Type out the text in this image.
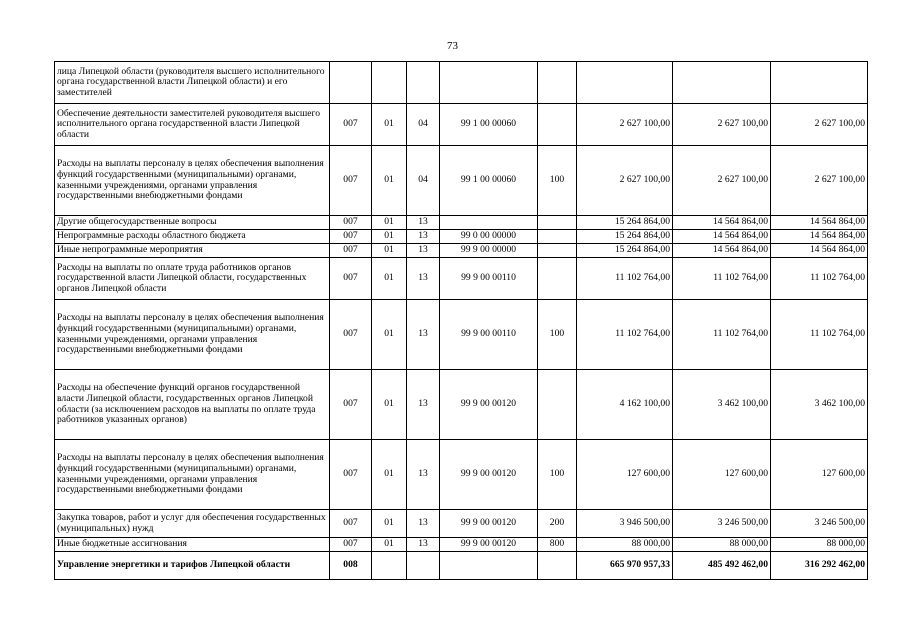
73
лица Липецкой области (руководителя высшего исполнительного органа государственной власти Липецкой области) и его заместителей								
Обеспечение деятельности заместителей руководителя высшего исполнительного органа государственной власти Липецкой области	007	01	04	99 1 00 00060		2 627 100,00	2 627 100,00	2 627 100,00
Расходы на выплаты персоналу в целях обеспечения выполнения функций государственными (муниципальными) органами, казенными учреждениями, органами управления государственными внебюджетными фондами	007	01	04	99 1 00 00060	100	2 627 100,00	2 627 100,00	2 627 100,00
Другие общегосударственные вопросы	007	01	13			15 264 864,00	14 564 864,00	14 564 864,00
Непрограммные расходы областного бюджета	007	01	13	99 0 00 00000		15 264 864,00	14 564 864,00	14 564 864,00
Иные непрограммные мероприятия	007	01	13	99 9 00 00000		15 264 864,00	14 564 864,00	14 564 864,00
Расходы на выплаты по оплате труда работников органов государственной власти Липецкой области, государственных органов Липецкой области	007	01	13	99 9 00 00110		11 102 764,00	11 102 764,00	11 102 764,00
Расходы на выплаты персоналу в целях обеспечения выполнения функций государственными (муниципальными) органами, казенными учреждениями, органами управления государственными внебюджетными фондами	007	01	13	99 9 00 00110	100	11 102 764,00	11 102 764,00	11 102 764,00
Расходы на обеспечение функций органов государственной власти Липецкой области, государственных органов Липецкой области (за исключением расходов на выплаты по оплате труда работников указанных органов)	007	01	13	99 9 00 00120		4 162 100,00	3 462 100,00	3 462 100,00
Расходы на выплаты персоналу в целях обеспечения выполнения функций государственными (муниципальными) органами, казенными учреждениями, органами управления государственными внебюджетными фондами	007	01	13	99 9 00 00120	100	127 600,00	127 600,00	127 600,00
Закупка товаров, работ и услуг для обеспечения государственных (муниципальных) нужд	007	01	13	99 9 00 00120	200	3 946 500,00	3 246 500,00	3 246 500,00
Иные бюджетные ассигнования	007	01	13	99 9 00 00120	800	88 000,00	88 000,00	88 000,00
Управление энергетики и тарифов Липецкой области	008					665 970 957,33	485 492 462,00	316 292 462,00
